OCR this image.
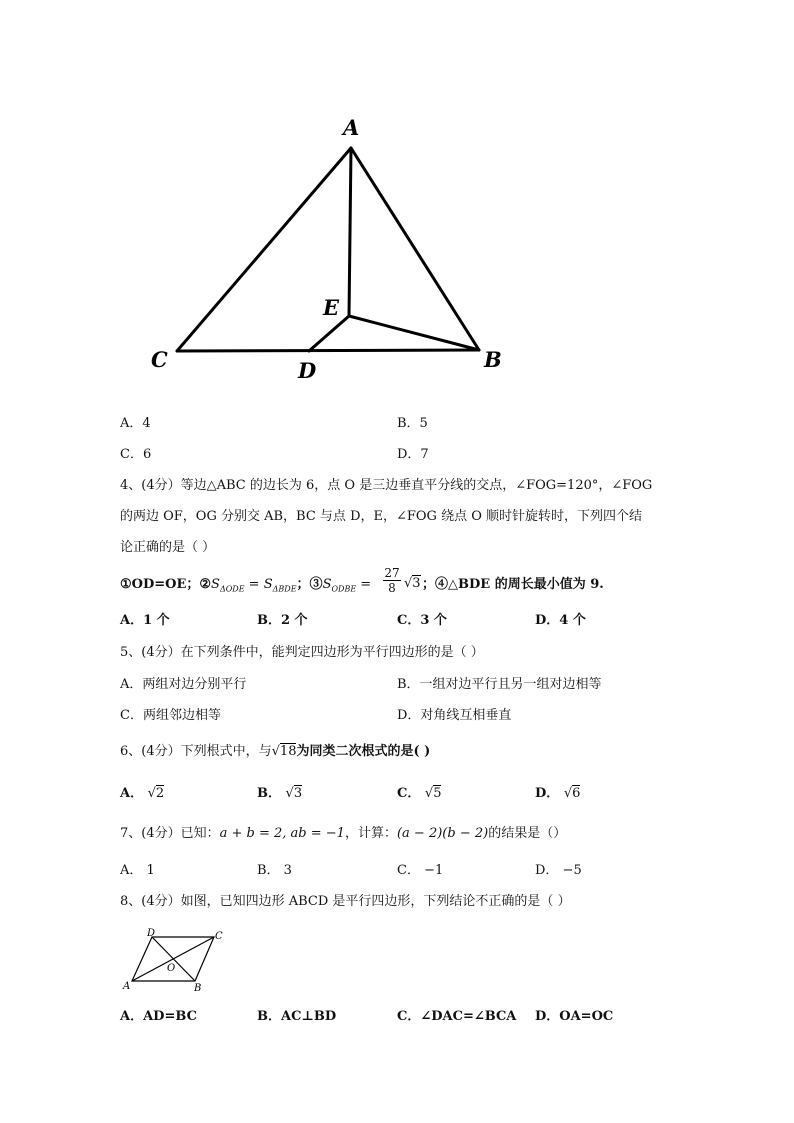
A
C	D	B
E
A．4	B．5
C．6	D．7
4、(4分）等边△ABC 的边长为 6，点 O 是三边垂直平分线的交点，∠FOG=120°，∠FOG
的两边 OF，OG 分别交 AB，BC 与点 D，E，∠FOG 绕点 O 顺时针旋转时，下列四个结
论正确的是（ ）
①OD=OE；$②S_{\Delta ODE} = S_{\Delta BDE}$；$③S_{ODBE} = \frac{27}{8} √3$ ；④△BDE 的周长最小值为 9.
A．1 个	B．2 个	C．3 个	D．4 个
5、(4分）在下列条件中，能判定四边形为平行四边形的是（ ）
A．两组对边分别平行	B．一组对边平行且另一组对边相等
C．两组邻边相等	D．对角线互相垂直
6、(4分）下列根式中，与√18为同类二次根式的是( )
A． √2	B． √3	C． √5	D． √6
7、(4分）已知：a + b = 2, ab = −1，计算：(a − 2)(b − 2)的结果是（）
A． 1	B． 3	C． −1	D． −5
8、(4分）如图，已知四边形 ABCD 是平行四边形，下列结论不正确的是（ ）
A	B
C
D
O
A．AD=BC	B．AC⊥BD	C．∠DAC=∠BCA D．OA=OC
